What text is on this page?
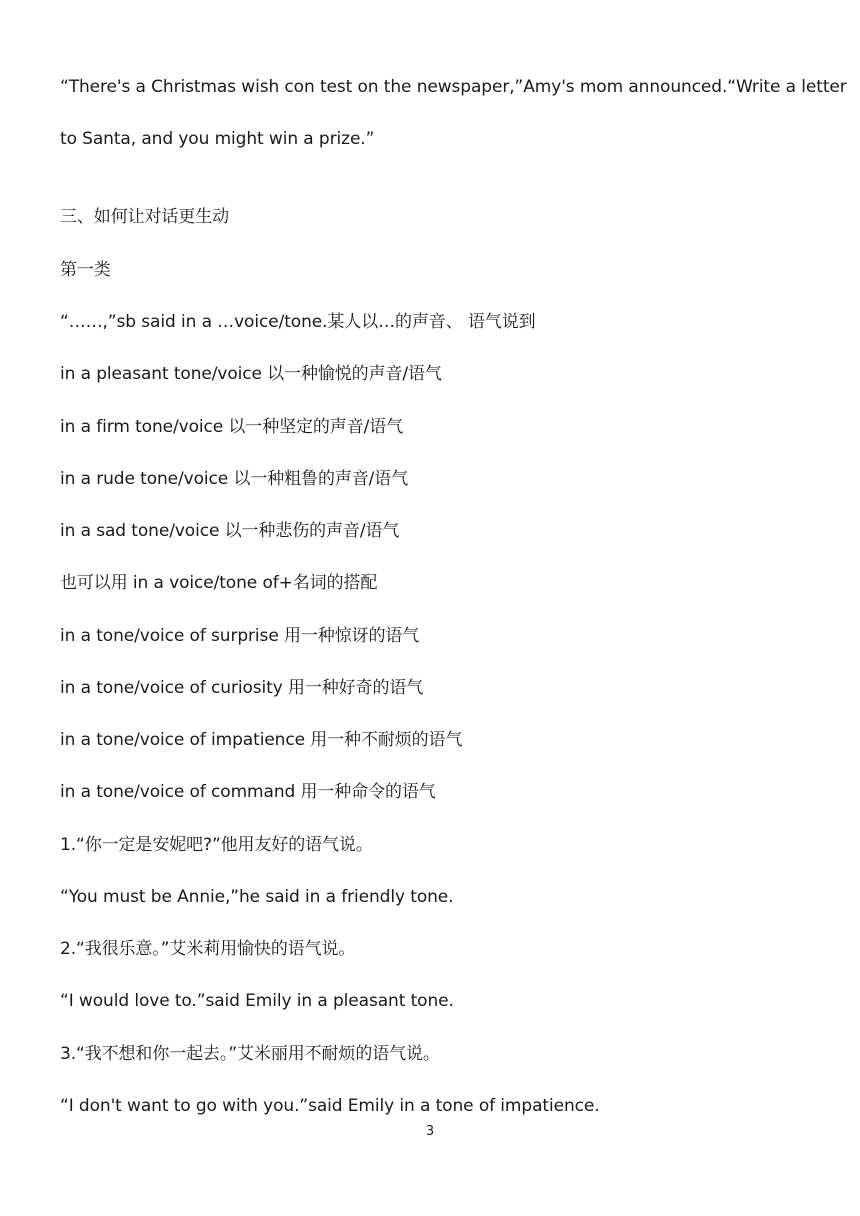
“There's a Christmas wish con test on the newspaper,”Amy's mom announced.“Write a letter
to Santa, and you might win a prize.”
三、如何让对话更生动
第一类
“……,”sb said in a …voice/tone.某人以…的声音、 语气说到
in a pleasant tone/voice 以一种愉悦的声音/语气
in a firm tone/voice 以一种坚定的声音/语气
in a rude tone/voice 以一种粗鲁的声音/语气
in a sad tone/voice 以一种悲伤的声音/语气
也可以用 in a voice/tone of+名词的搭配
in a tone/voice of surprise 用一种惊讶的语气
in a tone/voice of curiosity 用一种好奇的语气
in a tone/voice of impatience 用一种不耐烦的语气
in a tone/voice of command 用一种命令的语气
1.“你一定是安妮吧?”他用友好的语气说。
“You must be Annie,”he said in a friendly tone.
2.“我很乐意。”艾米莉用愉快的语气说。
“I would love to.”said Emily in a pleasant tone.
3.“我不想和你一起去。”艾米丽用不耐烦的语气说。
“I don't want to go with you.”said Emily in a tone of impatience.
3
